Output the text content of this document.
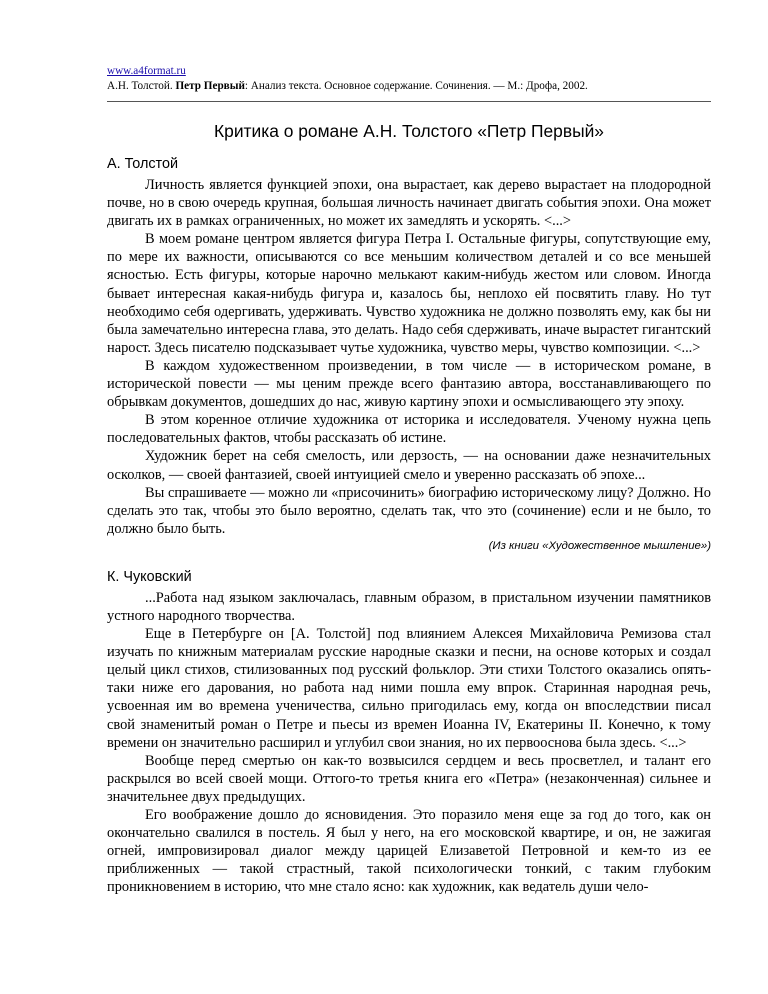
www.a4format.ru
А.Н. Толстой. Петр Первый: Анализ текста. Основное содержание. Сочинения. — М.: Дрофа, 2002.
Критика о романе А.Н. Толстого «Петр Первый»
А. Толстой

Личность является функцией эпохи, она вырастает, как дерево вырастает на плодородной почве, но в свою очередь крупная, большая личность начинает двигать события эпохи. Она может двигать их в рамках ограниченных, но может их замедлять и ускорять. <...>

В моем романе центром является фигура Петра I. Остальные фигуры, сопутствующие ему, по мере их важности, описываются со все меньшим количеством деталей и со все меньшей ясностью. Есть фигуры, которые нарочно мелькают каким-нибудь жестом или словом. Иногда бывает интересная какая-нибудь фигура и, казалось бы, неплохо ей посвятить главу. Но тут необходимо себя одергивать, удерживать. Чувство художника не должно позволять ему, как бы ни была замечательно интересна глава, это делать. Надо себя сдерживать, иначе вырастет гигантский нарост. Здесь писателю подсказывает чутье художника, чувство меры, чувство композиции. <...>

В каждом художественном произведении, в том числе — в историческом романе, в исторической повести — мы ценим прежде всего фантазию автора, восстанавливающего по обрывкам документов, дошедших до нас, живую картину эпохи и осмысливающего эту эпоху.

В этом коренное отличие художника от историка и исследователя. Ученому нужна цепь последовательных фактов, чтобы рассказать об истине.

Художник берет на себя смелость, или дерзость, — на основании даже незначительных осколков, — своей фантазией, своей интуицией смело и уверенно рассказать об эпохе...

Вы спрашиваете — можно ли «присочинить» биографию историческому лицу? Должно. Но сделать это так, чтобы это было вероятно, сделать так, что это (сочинение) если и не было, то должно было быть.

(Из книги «Художественное мышление»)
К. Чуковский

...Работа над языком заключалась, главным образом, в пристальном изучении памятников устного народного творчества.

Еще в Петербурге он [А. Толстой] под влиянием Алексея Михайловича Ремизова стал изучать по книжным материалам русские народные сказки и песни, на основе которых и создал целый цикл стихов, стилизованных под русский фольклор. Эти стихи Толстого оказались опять-таки ниже его дарования, но работа над ними пошла ему впрок. Старинная народная речь, усвоенная им во времена ученичества, сильно пригодилась ему, когда он впоследствии писал свой знаменитый роман о Петре и пьесы из времен Иоанна IV, Екатерины II. Конечно, к тому времени он значительно расширил и углубил свои знания, но их первооснова была здесь. <...>

Вообще перед смертью он как-то возвысился сердцем и весь просветлел, и талант его раскрылся во всей своей мощи. Оттого-то третья книга его «Петра» (незаконченная) сильнее и значительнее двух предыдущих.

Его воображение дошло до ясновидения. Это поразило меня еще за год до того, как он окончательно свалился в постель. Я был у него, на его московской квартире, и он, не зажигая огней, импровизировал диалог между царицей Елизаветой Петровной и кем-то из ее приближенных — такой страстный, такой психологически тонкий, с таким глубоким проникновением в историю, что мне стало ясно: как художник, как ведатель души чело-
